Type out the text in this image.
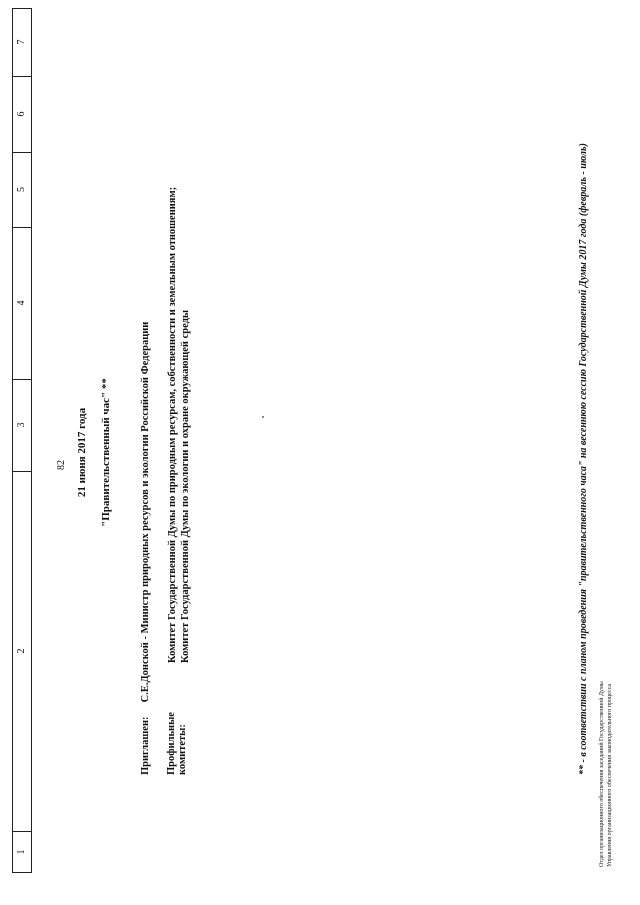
1
2
3
4
5
6
7
82 21 июня 2017 года "Правительственный час" **
Приглашен: С.Е.Донской - Министр природных ресурсов и экологии Российской Федерации
Профильные комитеты:
Комитет Государственной Думы по природным ресурсам, собственности и земельным отношениям; Комитет Государственной Думы по экологии и охране окружающей среды	** - в соответствии с планом проведения "правительственного часа" на весеннюю сессию Государственной Думы 2017 года (февраль - июль) Отдел организационного обеспечения заседаний Государственной Думы Управления организационного обеспечения законодательного процесса
